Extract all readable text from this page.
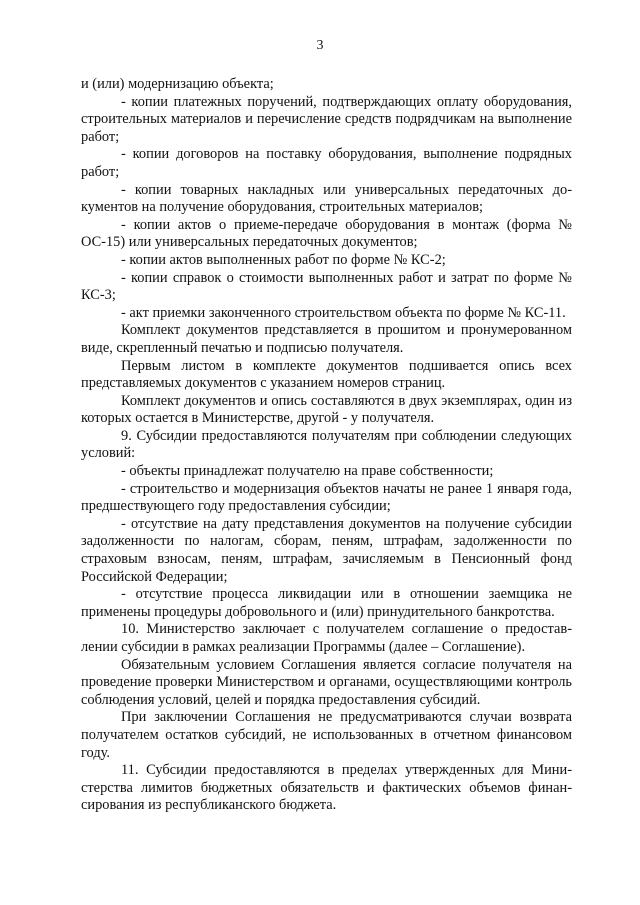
3

и (или) модернизацию объекта;

- копии платежных поручений, подтверждающих оплату оборудования, строительных материалов и перечисление средств подрядчикам на выполнение работ;

- копии договоров на поставку оборудования, выполнение подрядных работ;

- копии товарных накладных или универсальных передаточных документов на получение оборудования, строительных материалов;

- копии актов о приеме-передаче оборудования в монтаж (форма № ОС-15) или универсальных передаточных документов;

- копии актов выполненных работ по форме № КС-2;

- копии справок о стоимости выполненных работ и затрат по форме № КС-3;

- акт приемки законченного строительством объекта по форме № КС-11.

Комплект документов представляется в прошитом и пронумерованном виде, скрепленный печатью и подписью получателя.

Первым листом в комплекте документов подшивается опись всех представляемых документов с указанием номеров страниц.

Комплект документов и опись составляются в двух экземплярах, один из которых остается в Министерстве, другой - у получателя.

9. Субсидии предоставляются получателям при соблюдении следующих условий:

- объекты принадлежат получателю на праве собственности;

- строительство и модернизация объектов начаты не ранее 1 января года, предшествующего году предоставления субсидии;

- отсутствие на дату представления документов на получение субсидии задолженности по налогам, сборам, пеням, штрафам, задолженности по страховым взносам, пеням, штрафам, зачисляемым в Пенсионный фонд Российской Федерации;

- отсутствие процесса ликвидации или в отношении заемщика не применены процедуры добровольного и (или) принудительного банкротства.

10. Министерство заключает с получателем соглашение о предоставлении субсидии в рамках реализации Программы (далее – Соглашение).

Обязательным условием Соглашения является согласие получателя на проведение проверки Министерством и органами, осуществляющими контроль соблюдения условий, целей и порядка предоставления субсидий.

При заключении Соглашения не предусматриваются случаи возврата получателем остатков субсидий, не использованных в отчетном финансовом году.

11. Субсидии предоставляются в пределах утвержденных для Министерства лимитов бюджетных обязательств и фактических объемов финансирования из республиканского бюджета.
